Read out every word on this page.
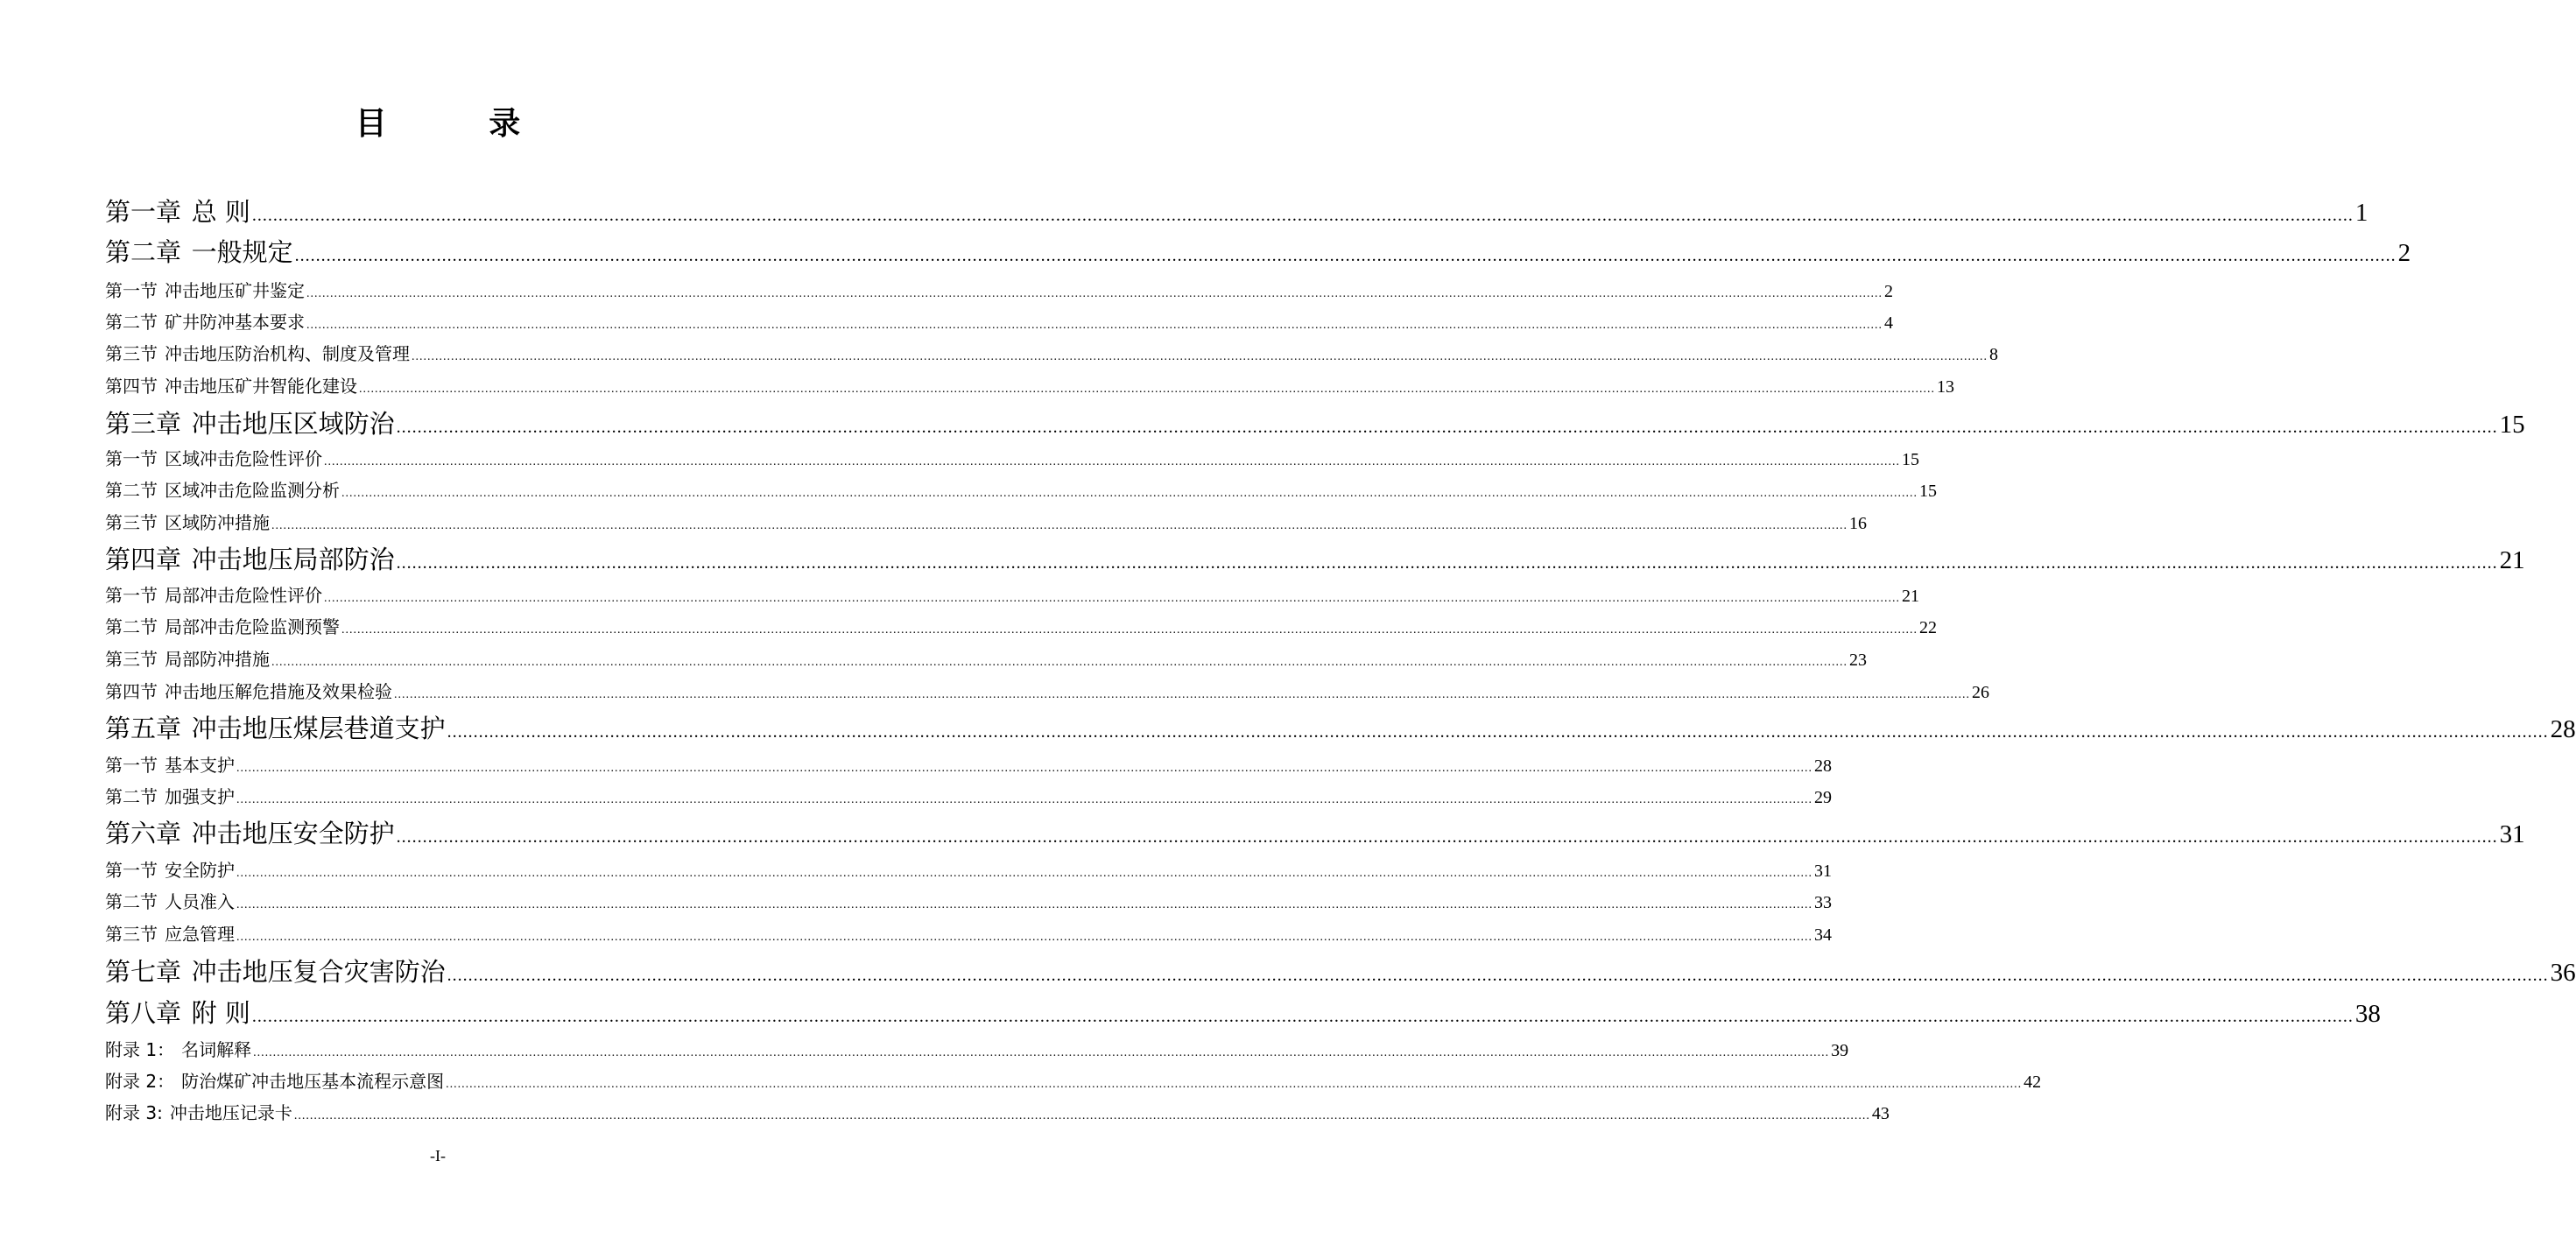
目 录
第一章 总 则 ................................................................................................................................................................................................................................................................................................................................................................................................................ 1
第二章 一般规定 ................................................................................................................................................................................................................................................................................................................................................................................................................ 2
第一节 冲击地压矿井鉴定 ................................................................................................................................................................................................................................................................................................................................................................................................................ 2
第二节 矿井防冲基本要求 ................................................................................................................................................................................................................................................................................................................................................................................................................ 4
第三节 冲击地压防治机构、制度及管理 ................................................................................................................................................................................................................................................................................................................................................................................................................ 8
第四节 冲击地压矿井智能化建设 ................................................................................................................................................................................................................................................................................................................................................................................................................ 13
第三章 冲击地压区域防治 ................................................................................................................................................................................................................................................................................................................................................................................................................ 15
第一节 区域冲击危险性评价 ................................................................................................................................................................................................................................................................................................................................................................................................................ 15
第二节 区域冲击危险监测分析 ................................................................................................................................................................................................................................................................................................................................................................................................................ 15
第三节 区域防冲措施 ................................................................................................................................................................................................................................................................................................................................................................................................................ 16
第四章 冲击地压局部防治 ................................................................................................................................................................................................................................................................................................................................................................................................................ 21
第一节 局部冲击危险性评价 ................................................................................................................................................................................................................................................................................................................................................................................................................ 21
第二节 局部冲击危险监测预警 ................................................................................................................................................................................................................................................................................................................................................................................................................ 22
第三节 局部防冲措施 ................................................................................................................................................................................................................................................................................................................................................................................................................ 23
第四节 冲击地压解危措施及效果检验 ................................................................................................................................................................................................................................................................................................................................................................................................................ 26
第五章 冲击地压煤层巷道支护 ................................................................................................................................................................................................................................................................................................................................................................................................................ 28
第一节 基本支护 ................................................................................................................................................................................................................................................................................................................................................................................................................ 28
第二节 加强支护 ................................................................................................................................................................................................................................................................................................................................................................................................................ 29
第六章 冲击地压安全防护 ................................................................................................................................................................................................................................................................................................................................................................................................................ 31
第一节 安全防护 ................................................................................................................................................................................................................................................................................................................................................................................................................ 31
第二节 人员准入 ................................................................................................................................................................................................................................................................................................................................................................................................................ 33
第三节 应急管理 ................................................................................................................................................................................................................................................................................................................................................................................................................ 34
第七章 冲击地压复合灾害防治 ................................................................................................................................................................................................................................................................................................................................................................................................................ 36
第八章 附 则 ................................................................................................................................................................................................................................................................................................................................................................................................................ 38
附录 1： 名词解释 ................................................................................................................................................................................................................................................................................................................................................................................................................ 39
附录 2： 防治煤矿冲击地压基本流程示意图 ................................................................................................................................................................................................................................................................................................................................................................................................................ 42
附录 3: 冲击地压记录卡 ................................................................................................................................................................................................................................................................................................................................................................................................................ 43
-I-
